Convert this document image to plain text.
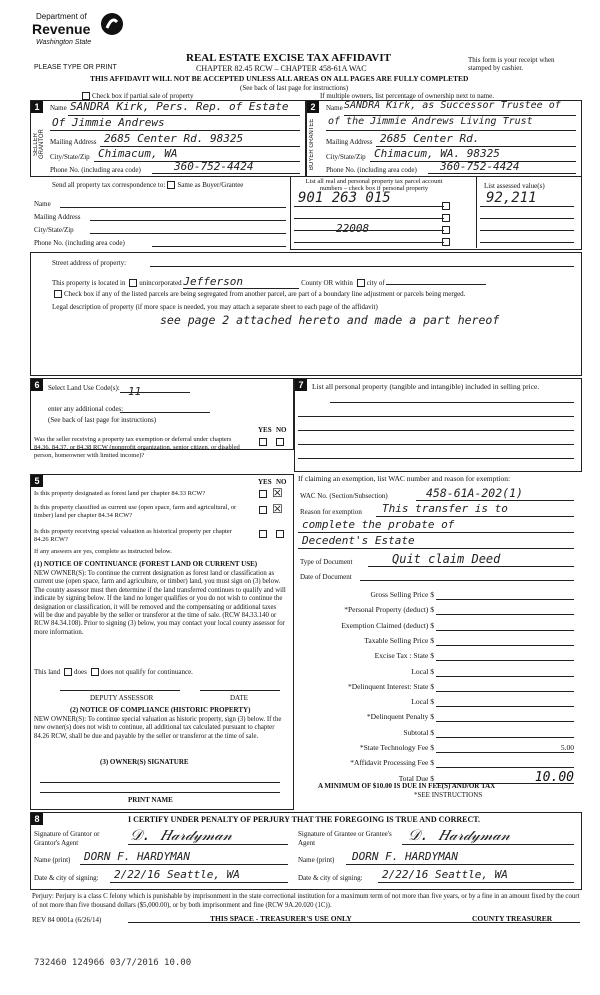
Department of
Revenue
Washington State
PLEASE TYPE OR PRINT
REAL ESTATE EXCISE TAX AFFIDAVIT
CHAPTER 82.45 RCW – CHAPTER 458-61A WAC
This form is your receipt when stamped by cashier.
THIS AFFIDAVIT WILL NOT BE ACCEPTED UNLESS ALL AREAS ON ALL PAGES ARE FULLY COMPLETED
(See back of last page for instructions)
Check box if partial sale of property	If multiple owners, list percentage of ownership next to name.
1	2
SELLER GRANTOR	BUYER GRANTEE
Name SANDRA Kirk, Pers. Rep. of Estate
Of Jimmie Andrews
Mailing Address 2685 Center Rd. 98325
City/State/Zip Chimacum, WA
Phone No. (including area code)	360-752-4424
Name SANDRA Kirk, as Successor Trustee of
of the Jimmie Andrews Living Trust
Mailing Address 2685 Center Rd.
City/State/Zip Chimacum, WA. 98325
Phone No. (including area code) 360-752-4424
Send all property tax correspondence to: Same as Buyer/Grantee
Name
Mailing Address
City/State/Zip
Phone No. (including area code)
List all real and personal property tax parcel account numbers – check box if personal property	List assessed value(s)
901 263 015	92,211
22008
Street address of property:
This property is located in unincorporated Jefferson	County OR within city of
Check box if any of the listed parcels are being segregated from another parcel, are part of a boundary line adjustment or parcels being merged.
Legal description of property (if more space is needed, you may attach a separate sheet to each page of the affidavit)
see page 2 attached hereto and made a part hereof
6	Select Land Use Code(s): 11
enter any additional codes:
(See back of last page for instructions)
YES NO
Was the seller receiving a property tax exemption or deferral under chapters 84.36, 84.37, or 84.38 RCW (nonprofit organization, senior citizen, or disabled person, homeowner with limited income)?
5	YES NO
Is this property designated as forest land per chapter 84.33 RCW?	☒
Is this property classified as current use (open space, farm and agricultural, or timber) land per chapter 84.34 RCW?	☒
Is this property receiving special valuation as historical property per chapter 84.26 RCW?
If any answers are yes, complete as instructed below.
(1) NOTICE OF CONTINUANCE (FOREST LAND OR CURRENT USE)
NEW OWNER(S): To continue the current designation as forest land or classification as current use (open space, farm and agriculture, or timber) land, you must sign on (3) below. The county assessor must then determine if the land transferred continues to qualify and will indicate by signing below. If the land no longer qualifies or you do not wish to continue the designation or classification, it will be removed and the compensating or additional taxes will be due and payable by the seller or transferor at the time of sale. (RCW 84.33.140 or RCW 84.34.108). Prior to signing (3) below, you may contact your local county assessor for more information.
This land does does not qualify for continuance.
DEPUTY ASSESSOR	DATE
(2) NOTICE OF COMPLIANCE (HISTORIC PROPERTY)
NEW OWNER(S): To continue special valuation as historic property, sign (3) below. If the new owner(s) does not wish to continue, all additional tax calculated pursuant to chapter 84.26 RCW, shall be due and payable by the seller or transferor at the time of sale.
(3) OWNER(S) SIGNATURE
PRINT NAME
7	List all personal property (tangible and intangible) included in selling price.
If claiming an exemption, list WAC number and reason for exemption:
WAC No. (Section/Subsection)	458-61A-202(1)
Reason for exemption This transfer is to
complete the probate of
Decedent's Estate
Type of Document	Quit claim Deed
Date of Document
Gross Selling Price $
*Personal Property (deduct) $
Exemption Claimed (deduct) $
Taxable Selling Price $
Excise Tax : State $
Local $
*Delinquent Interest: State $
Local $
*Delinquent Penalty $
Subtotal $
*State Technology Fee $	5.00
*Affidavit Processing Fee $
Total Due $	10.00
A MINIMUM OF $10.00 IS DUE IN FEE(S) AND/OR TAX
*SEE INSTRUCTIONS
8	I CERTIFY UNDER PENALTY OF PERJURY THAT THE FOREGOING IS TRUE AND CORRECT.
Signature of Grantor or Grantor's Agent	𝒟. 𝐻𝒶𝓇𝒹𝓎𝓂𝒶𝓃	Signature of Grantee or Grantee's Agent	𝒟. 𝐻𝒶𝓇𝒹𝓎𝓂𝒶𝓃
Name (print) DORN F. HARDYMAN	Name (print) DORN F. HARDYMAN
Date & city of signing: 2/22/16 Seattle, WA	Date & city of signing: 2/22/16 Seattle, WA
Perjury: Perjury is a class C felony which is punishable by imprisonment in the state correctional institution for a maximum term of not more than five years, or by a fine in an amount fixed by the court of not more than five thousand dollars ($5,000.00), or by both imprisonment and fine (RCW 9A.20.020 (1C)).
REV 84 0001a (6/26/14)	THIS SPACE - TREASURER'S USE ONLY	COUNTY TREASURER
732460 124966 03/7/2016 10.00
